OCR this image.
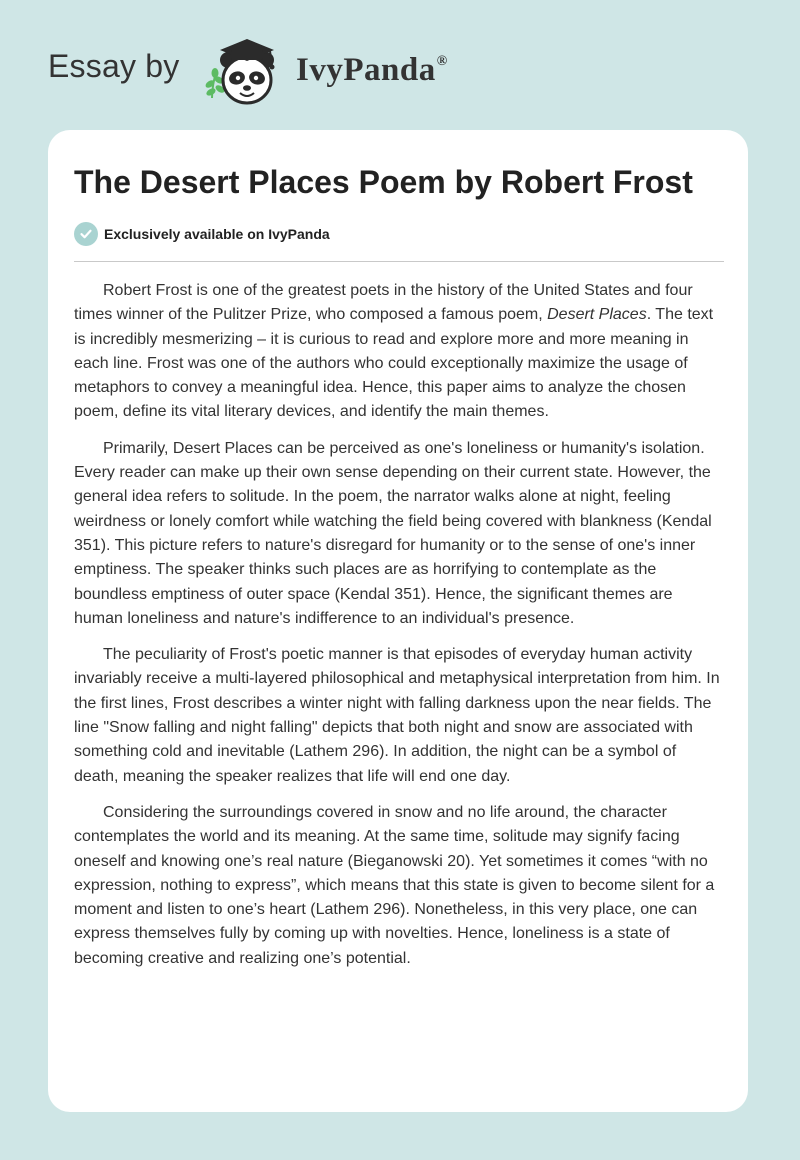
Essay by	IvyPanda®
The Desert Places Poem by Robert Frost
Exclusively available on IvyPanda

Robert Frost is one of the greatest poets in the history of the United States and four times winner of the Pulitzer Prize, who composed a famous poem, Desert Places. The text is incredibly mesmerizing – it is curious to read and explore more and more meaning in each line. Frost was one of the authors who could exceptionally maximize the usage of metaphors to convey a meaningful idea. Hence, this paper aims to analyze the chosen poem, define its vital literary devices, and identify the main themes.

Primarily, Desert Places can be perceived as one's loneliness or humanity's isolation. Every reader can make up their own sense depending on their current state. However, the general idea refers to solitude. In the poem, the narrator walks alone at night, feeling weirdness or lonely comfort while watching the field being covered with blankness (Kendal 351). This picture refers to nature's disregard for humanity or to the sense of one's inner emptiness. The speaker thinks such places are as horrifying to contemplate as the boundless emptiness of outer space (Kendal 351). Hence, the significant themes are human loneliness and nature's indifference to an individual's presence.

The peculiarity of Frost's poetic manner is that episodes of everyday human activity invariably receive a multi-layered philosophical and metaphysical interpretation from him. In the first lines, Frost describes a winter night with falling darkness upon the near fields. The line "Snow falling and night falling" depicts that both night and snow are associated with something cold and inevitable (Lathem 296). In addition, the night can be a symbol of death, meaning the speaker realizes that life will end one day.

Considering the surroundings covered in snow and no life around, the character contemplates the world and its meaning. At the same time, solitude may signify facing oneself and knowing one’s real nature (Bieganowski 20). Yet sometimes it comes “with no expression, nothing to express”, which means that this state is given to become silent for a moment and listen to one’s heart (Lathem 296). Nonetheless, in this very place, one can express themselves fully by coming up with novelties. Hence, loneliness is a state of becoming creative and realizing one’s potential.
